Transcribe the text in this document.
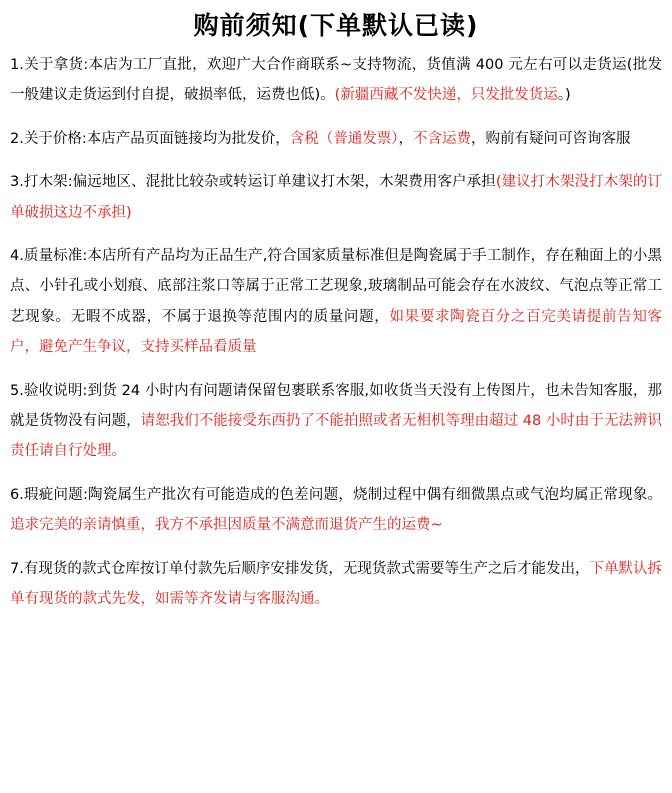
购前须知(下单默认已读)

1.关于拿货:本店为工厂直批，欢迎广大合作商联系~支持物流，货值满 400 元左右可以走货运(批发一般建议走货运到付自提，破损率低，运费也低)。(新疆西藏不发快递，只发批发货运。)

2.关于价格:本店产品页面链接均为批发价，含税（普通发票），不含运费，购前有疑问可咨询客服

3.打木架:偏远地区、混批比较杂或转运订单建议打木架，木架费用客户承担(建议打木架没打木架的订单破损这边不承担)

4.质量标准:本店所有产品均为正品生产,符合国家质量标准但是陶瓷属于手工制作，存在釉面上的小黑点、小针孔或小划痕、底部注浆口等属于正常工艺现象,玻璃制品可能会存在水波纹、气泡点等正常工艺现象。无暇不成器，不属于退换等范围内的质量问题，如果要求陶瓷百分之百完美请提前告知客户，避免产生争议，支持买样品看质量

5.验收说明:到货 24 小时内有问题请保留包裹联系客服,如收货当天没有上传图片，也未告知客服，那就是货物没有问题，请恕我们不能接受东西扔了不能拍照或者无相机等理由超过 48 小时由于无法辨识责任请自行处理。

6.瑕疵问题:陶瓷属生产批次有可能造成的色差问题，烧制过程中偶有细微黑点或气泡均属正常现象。追求完美的亲请慎重，我方不承担因质量不满意而退货产生的运费~

7.有现货的款式仓库按订单付款先后顺序安排发货，无现货款式需要等生产之后才能发出，下单默认拆单有现货的款式先发，如需等齐发请与客服沟通。
